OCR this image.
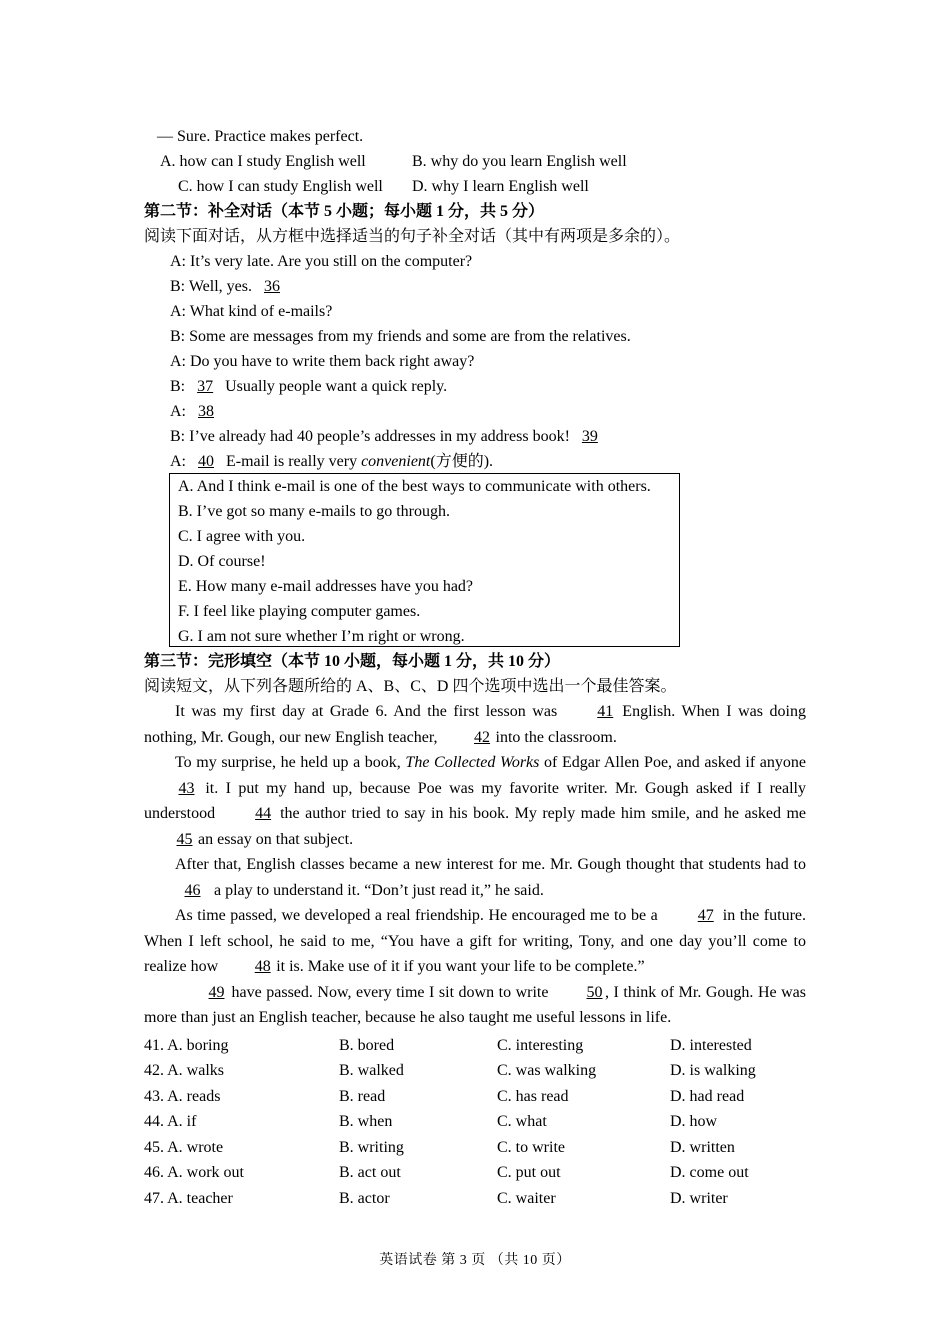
— Sure. Practice makes perfect.
A. how can I study English well	B. why do you learn English well
C. how I can study English well D. why I learn English well
第二节：补全对话（本节 5 小题；每小题 1 分，共 5 分）
阅读下面对话，从方框中选择适当的句子补全对话（其中有两项是多余的）。
A: It’s very late. Are you still on the computer?
B: Well, yes. 36
A: What kind of e-mails?
B: Some are messages from my friends and some are from the relatives.
A: Do you have to write them back right away?
B: 37 Usually people want a quick reply.
A: 38
B: I’ve already had 40 people’s addresses in my address book! 39
A: 40 E-mail is really very convenient(方便的).
A. And I think e-mail is one of the best ways to communicate with others.
B. I’ve got so many e-mails to go through.
C. I agree with you.
D. Of course!
E. How many e-mail addresses have you had?
F. I feel like playing computer games.
G. I am not sure whether I’m right or wrong.
第三节：完形填空（本节 10 小题，每小题 1 分，共 10 分）
阅读短文，从下列各题所给的 A、B、C、D 四个选项中选出一个最佳答案。

It was my first day at Grade 6. And the first lesson was 41 English. When I was doing nothing, Mr. Gough, our new English teacher, 42 into the classroom.

To my surprise, he held up a book, The Collected Works of Edgar Allen Poe, and asked if anyone 43 it. I put my hand up, because Poe was my favorite writer. Mr. Gough asked if I really understood 44 the author tried to say in his book. My reply made him smile, and he asked me 45 an essay on that subject.

After that, English classes became a new interest for me. Mr. Gough thought that students had to46 a play to understand it. “Don’t just read it,” he said.

As time passed, we developed a real friendship. He encouraged me to be a 47 in the future. When I left school, he said to me, “You have a gift for writing, Tony, and one day you’ll come to realize how 48 it is. Make use of it if you want your life to be complete.”

49 have passed. Now, every time I sit down to write 50 , I think of Mr. Gough. He was more than just an English teacher, because he also taught me useful lessons in life.

41. A. boring	B. bored	C. interesting	D. interested
42. A. walks	B. walked	C. was walking	D. is walking
43. A. reads	B. read	C. has read	D. had read
44. A. if	B. when	C. what	D. how
45. A. wrote	B. writing	C. to write	D. written
46. A. work out	B. act out	C. put out	D. come out
47. A. teacher	B. actor	C. waiter	D. writer
英语试卷 第 3 页 （共 10 页）
